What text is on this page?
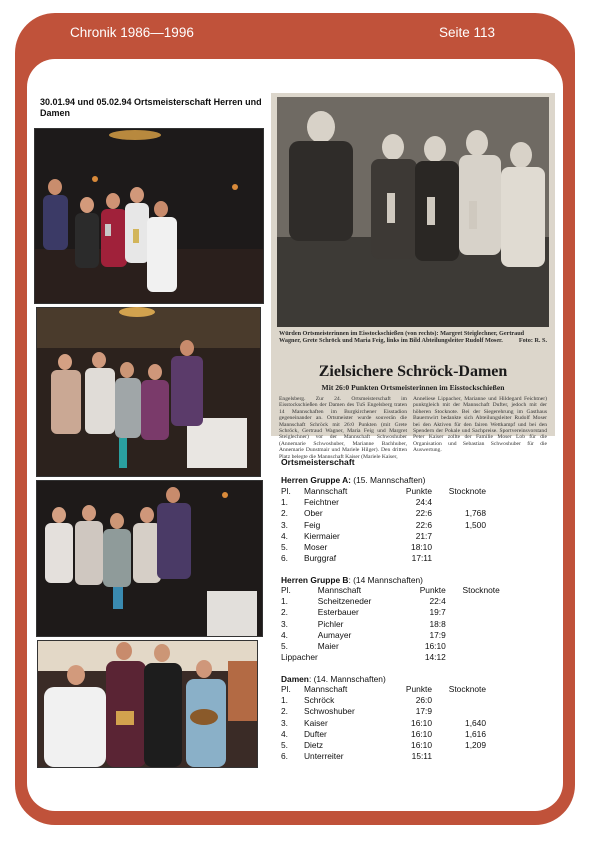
Chronik 1986—1996	Seite 113
30.01.94 und 05.02.94 Ortsmeisterschaft Herren und Damen
Würden Ortsmeisterinnen im Eisstockschießen (von rechts): Margret Steiglechner, Gertraud Wagner, Grete Schröck und Maria Feig, links im Bild Abteilungsleiter Rudolf Moser.	Foto: R. S.
Zielsichere Schröck-Damen
Mit 26:0 Punkten Ortsmeisterinnen im Eisstockschießen
Engelsberg. Zur 24. Ortsmeisterschaft im Eisstockschießen der Damen des TuS Engelsberg traten 14 Mannschaften im Burgkirchener Eisstadion gegeneinander an. Ortsmeister wurde souverän die Mannschaft Schröck mit 26:0 Punkten (mit Grete Schröck, Gertraud Wagner, Maria Feig und Margret Steiglechner) vor der Mannschaft Schwoshuber (Annemarie Schwoshuber, Marianne Bachhuber, Annemarie Dunstmair und Mariele Hilger). Den dritten Platz belegte die Mannschaft Kaiser (Mariele Kaiser,
Anneliese Lippacher, Marianne und Hildegard Feichtner) punktgleich mit der Mannschaft Dufter, jedoch mit der höheren Stocknote. Bei der Siegerehrung im Gasthaus Bauernwirt bedankte sich Abteilungsleiter Rudolf Moser bei den Aktiven für den fairen Wettkampf und bei den Spendern der Pokale und Sachpreise. Sportvereinsvorstand Peter Kaiser zollte der Familie Moser Lob für die Organisation und Sebastian Schwoshuber für die Auswertung.
Ortsmeisterschaft
Herren Gruppe A: (15. Mannschaften)
Pl.	Mannschaft	Punkte	Stocknote
1.	Feichtner	24:4	
2.	Ober	22:6	1,768
3.	Feig	22:6	1,500
4.	Kiermaier	21:7	
5.	Moser	18:10	
6.	Burggraf	17:11	
Herren Gruppe B: (14 Mannschaften)
Pl.	Mannschaft	Punkte	Stocknote
1.	Scheitzeneder	22:4	
2.	Esterbauer	19:7	
3.	Pichler	18:8	
4.	Aumayer	17:9	
5.	Maier	16:10	
Lippacher		14:12	
Damen: (14. Mannschaften)
Pl.	Mannschaft	Punkte	Stocknote
1.	Schröck	26:0	
2.	Schwoshuber	17:9	
3.	Kaiser	16:10	1,640
4.	Dufter	16:10	1,616
5.	Dietz	16:10	1,209
6.	Unterreiter	15:11	
